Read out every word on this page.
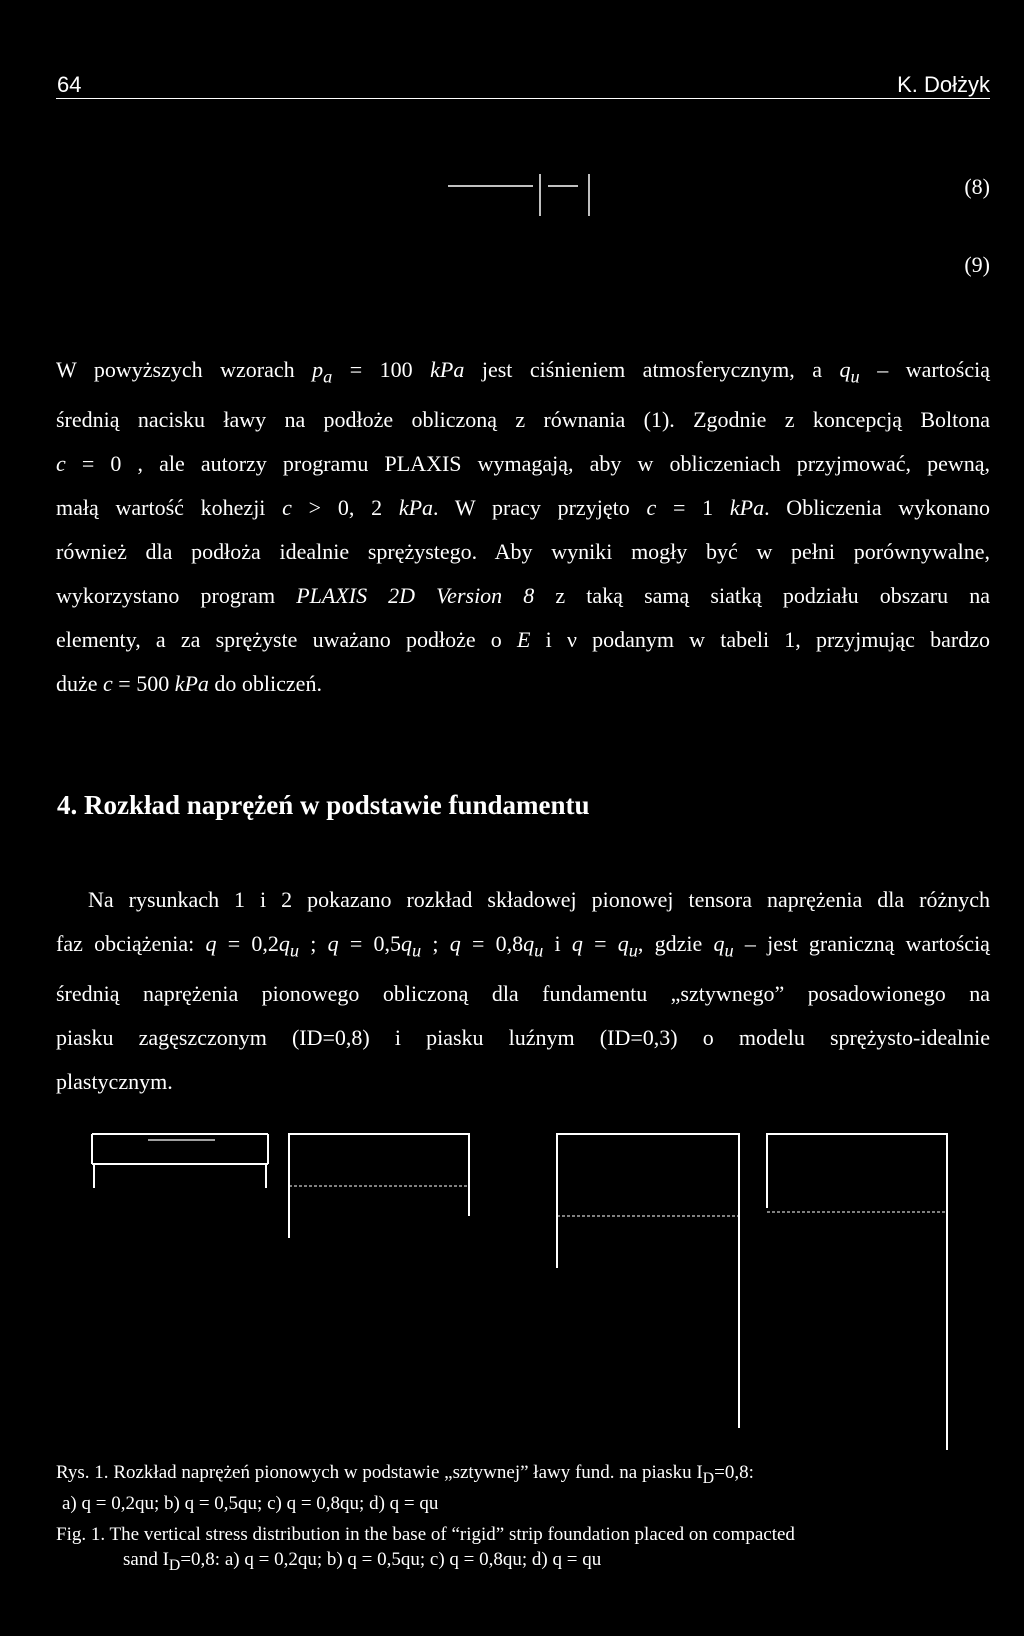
64	K. Dołżyk
(8)
(9)

W powyższych wzorach $p_a = 100$ kPa jest ciśnieniem atmosferycznym, a $q_u$ – wartością

średnią nacisku ławy na podłoże obliczoną z równania (1). Zgodnie z koncepcją Boltona

c = 0 , ale autorzy programu PLAXIS wymagają, aby w obliczeniach przyjmować, pewną,

małą wartość kohezji c > 0, 2 kPa. W pracy przyjęto c = 1 kPa. Obliczenia wykonano

również dla podłoża idealnie sprężystego. Aby wyniki mogły być w pełni porównywalne,

wykorzystano program PLAXIS 2D Version 8 z taką samą siatką podziału obszaru na

elementy, a za sprężyste uważano podłoże o E i ν podanym w tabeli 1, przyjmując bardzo

duże c = 500 kPa do obliczeń.

4. Rozkład naprężeń w podstawie fundamentu

Na rysunkach 1 i 2 pokazano rozkład składowej pionowej tensora naprężenia dla różnych

faz obciążenia: $q = 0,2q_u$ ; $q = 0,5q_u$ ; $q = 0,8q_u$ i $q = q_u$, gdzie $q_u$ – jest graniczną wartością

średnią naprężenia pionowego obliczoną dla fundamentu „sztywnego” posadowionego na

piasku zagęszczonym (ID=0,8) i piasku luźnym (ID=0,3) o modelu sprężysto-idealnie

plastycznym.

Rys. 1. Rozkład naprężeń pionowych w podstawie „sztywnej” ławy fund. na piasku $I_D=0,8$:
a) q = 0,2qu; b) q = 0,5qu; c) q = 0,8qu; d) q = qu
Fig. 1. The vertical stress distribution in the base of “rigid” strip foundation placed on compacted
sand $I_D=0,8$: a) q = 0,2qu; b) q = 0,5qu; c) q = 0,8qu; d) q = qu
